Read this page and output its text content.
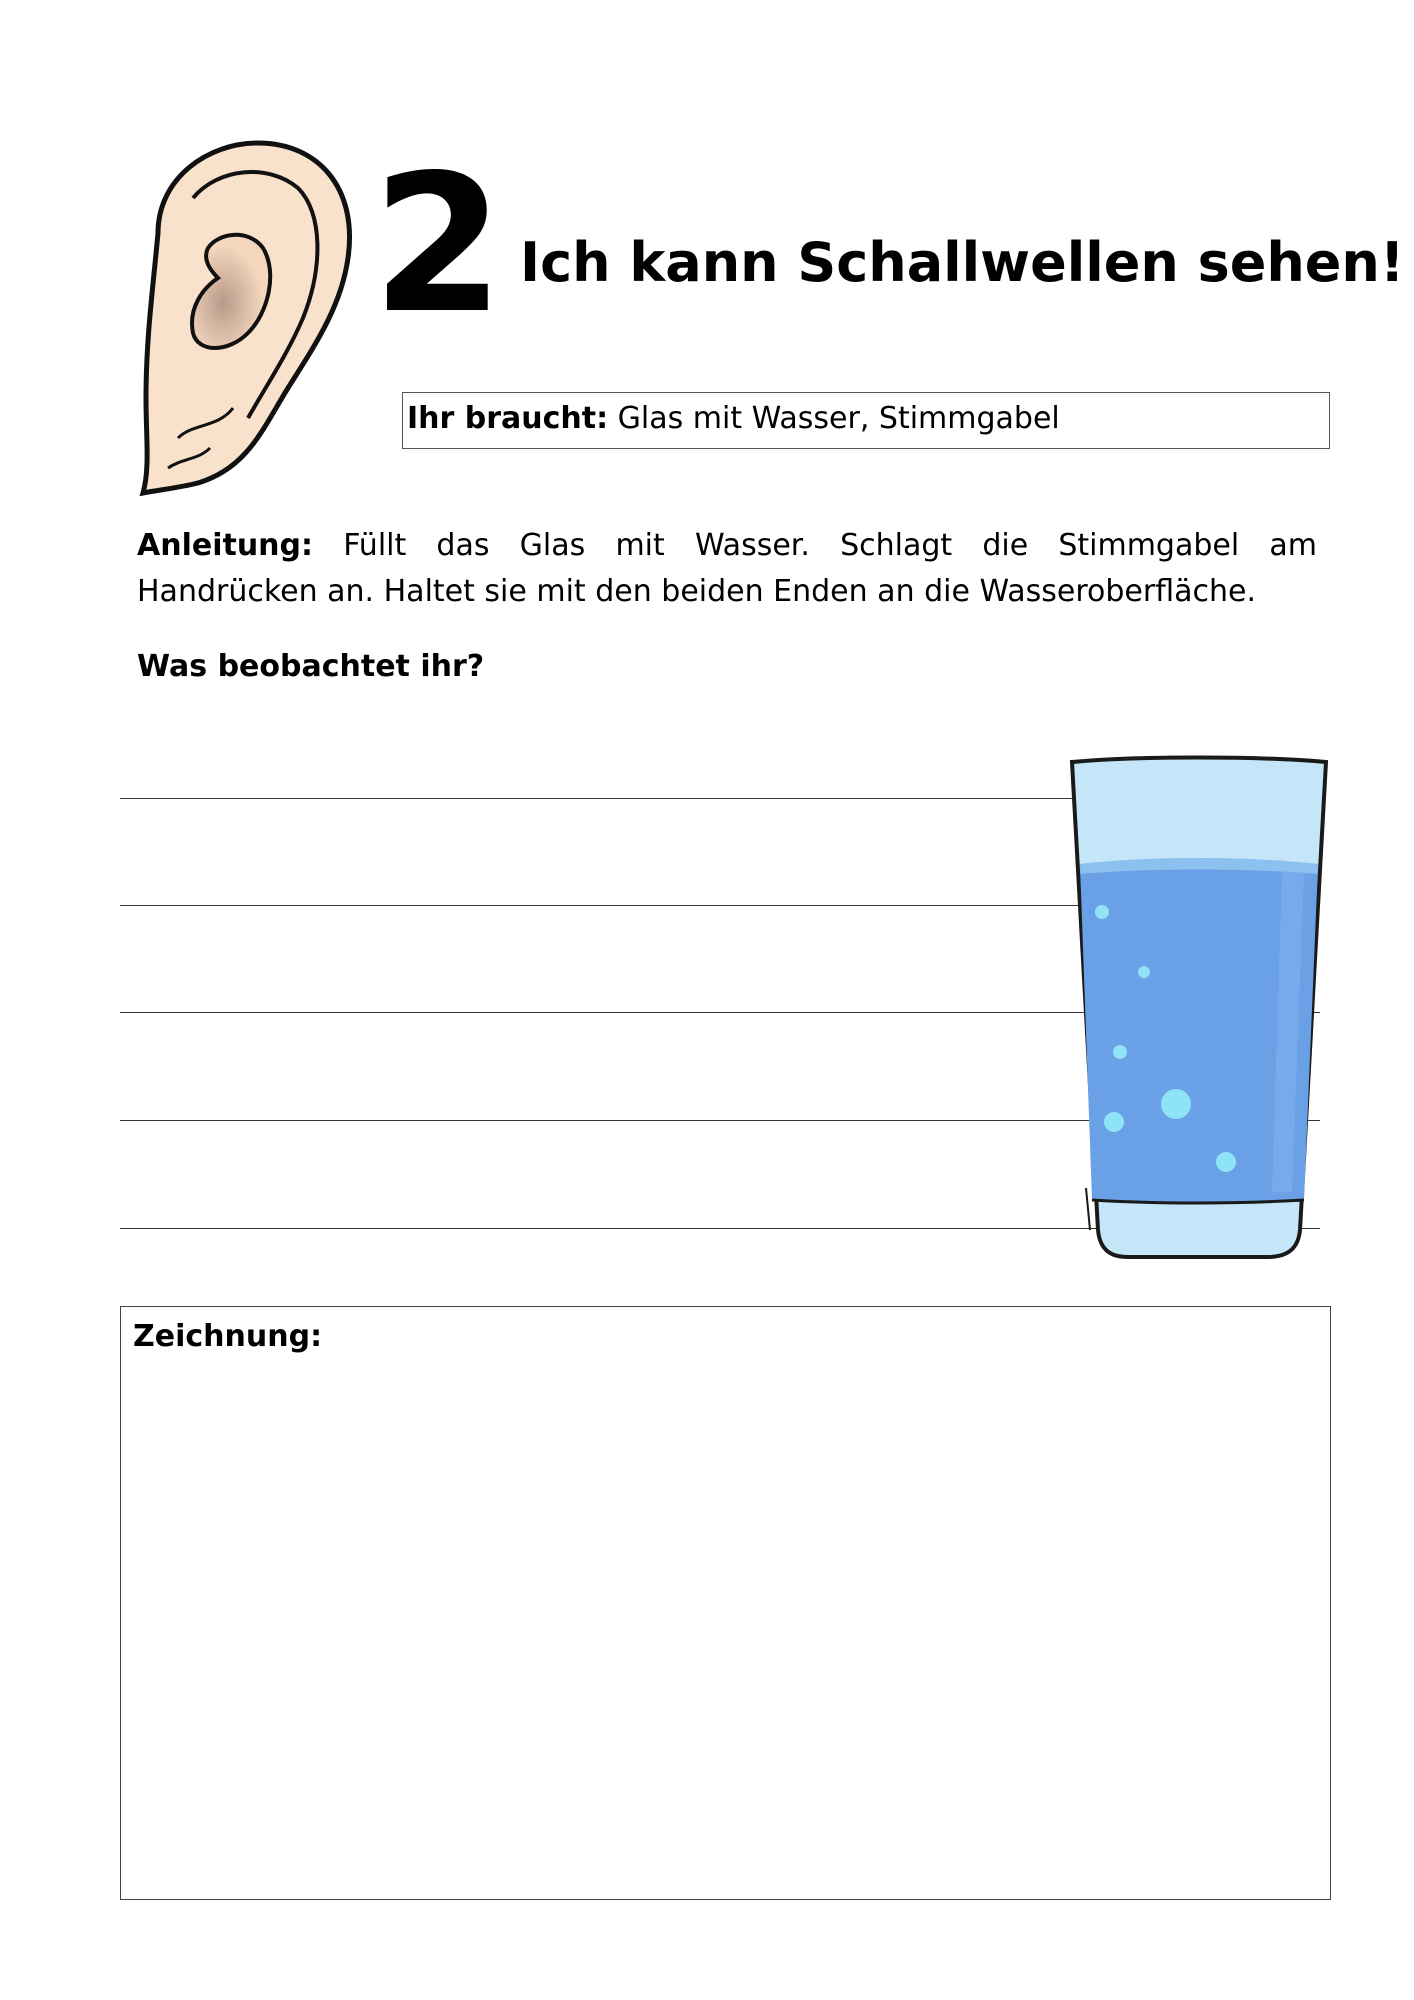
2 Ich kann Schallwellen sehen!
Ihr braucht: Glas mit Wasser, Stimmgabel
Anleitung: Füllt das Glas mit Wasser. Schlagt die Stimmgabel am
Handrücken an. Haltet sie mit den beiden Enden an die Wasseroberfläche.
Was beobachtet ihr?
Zeichnung:
